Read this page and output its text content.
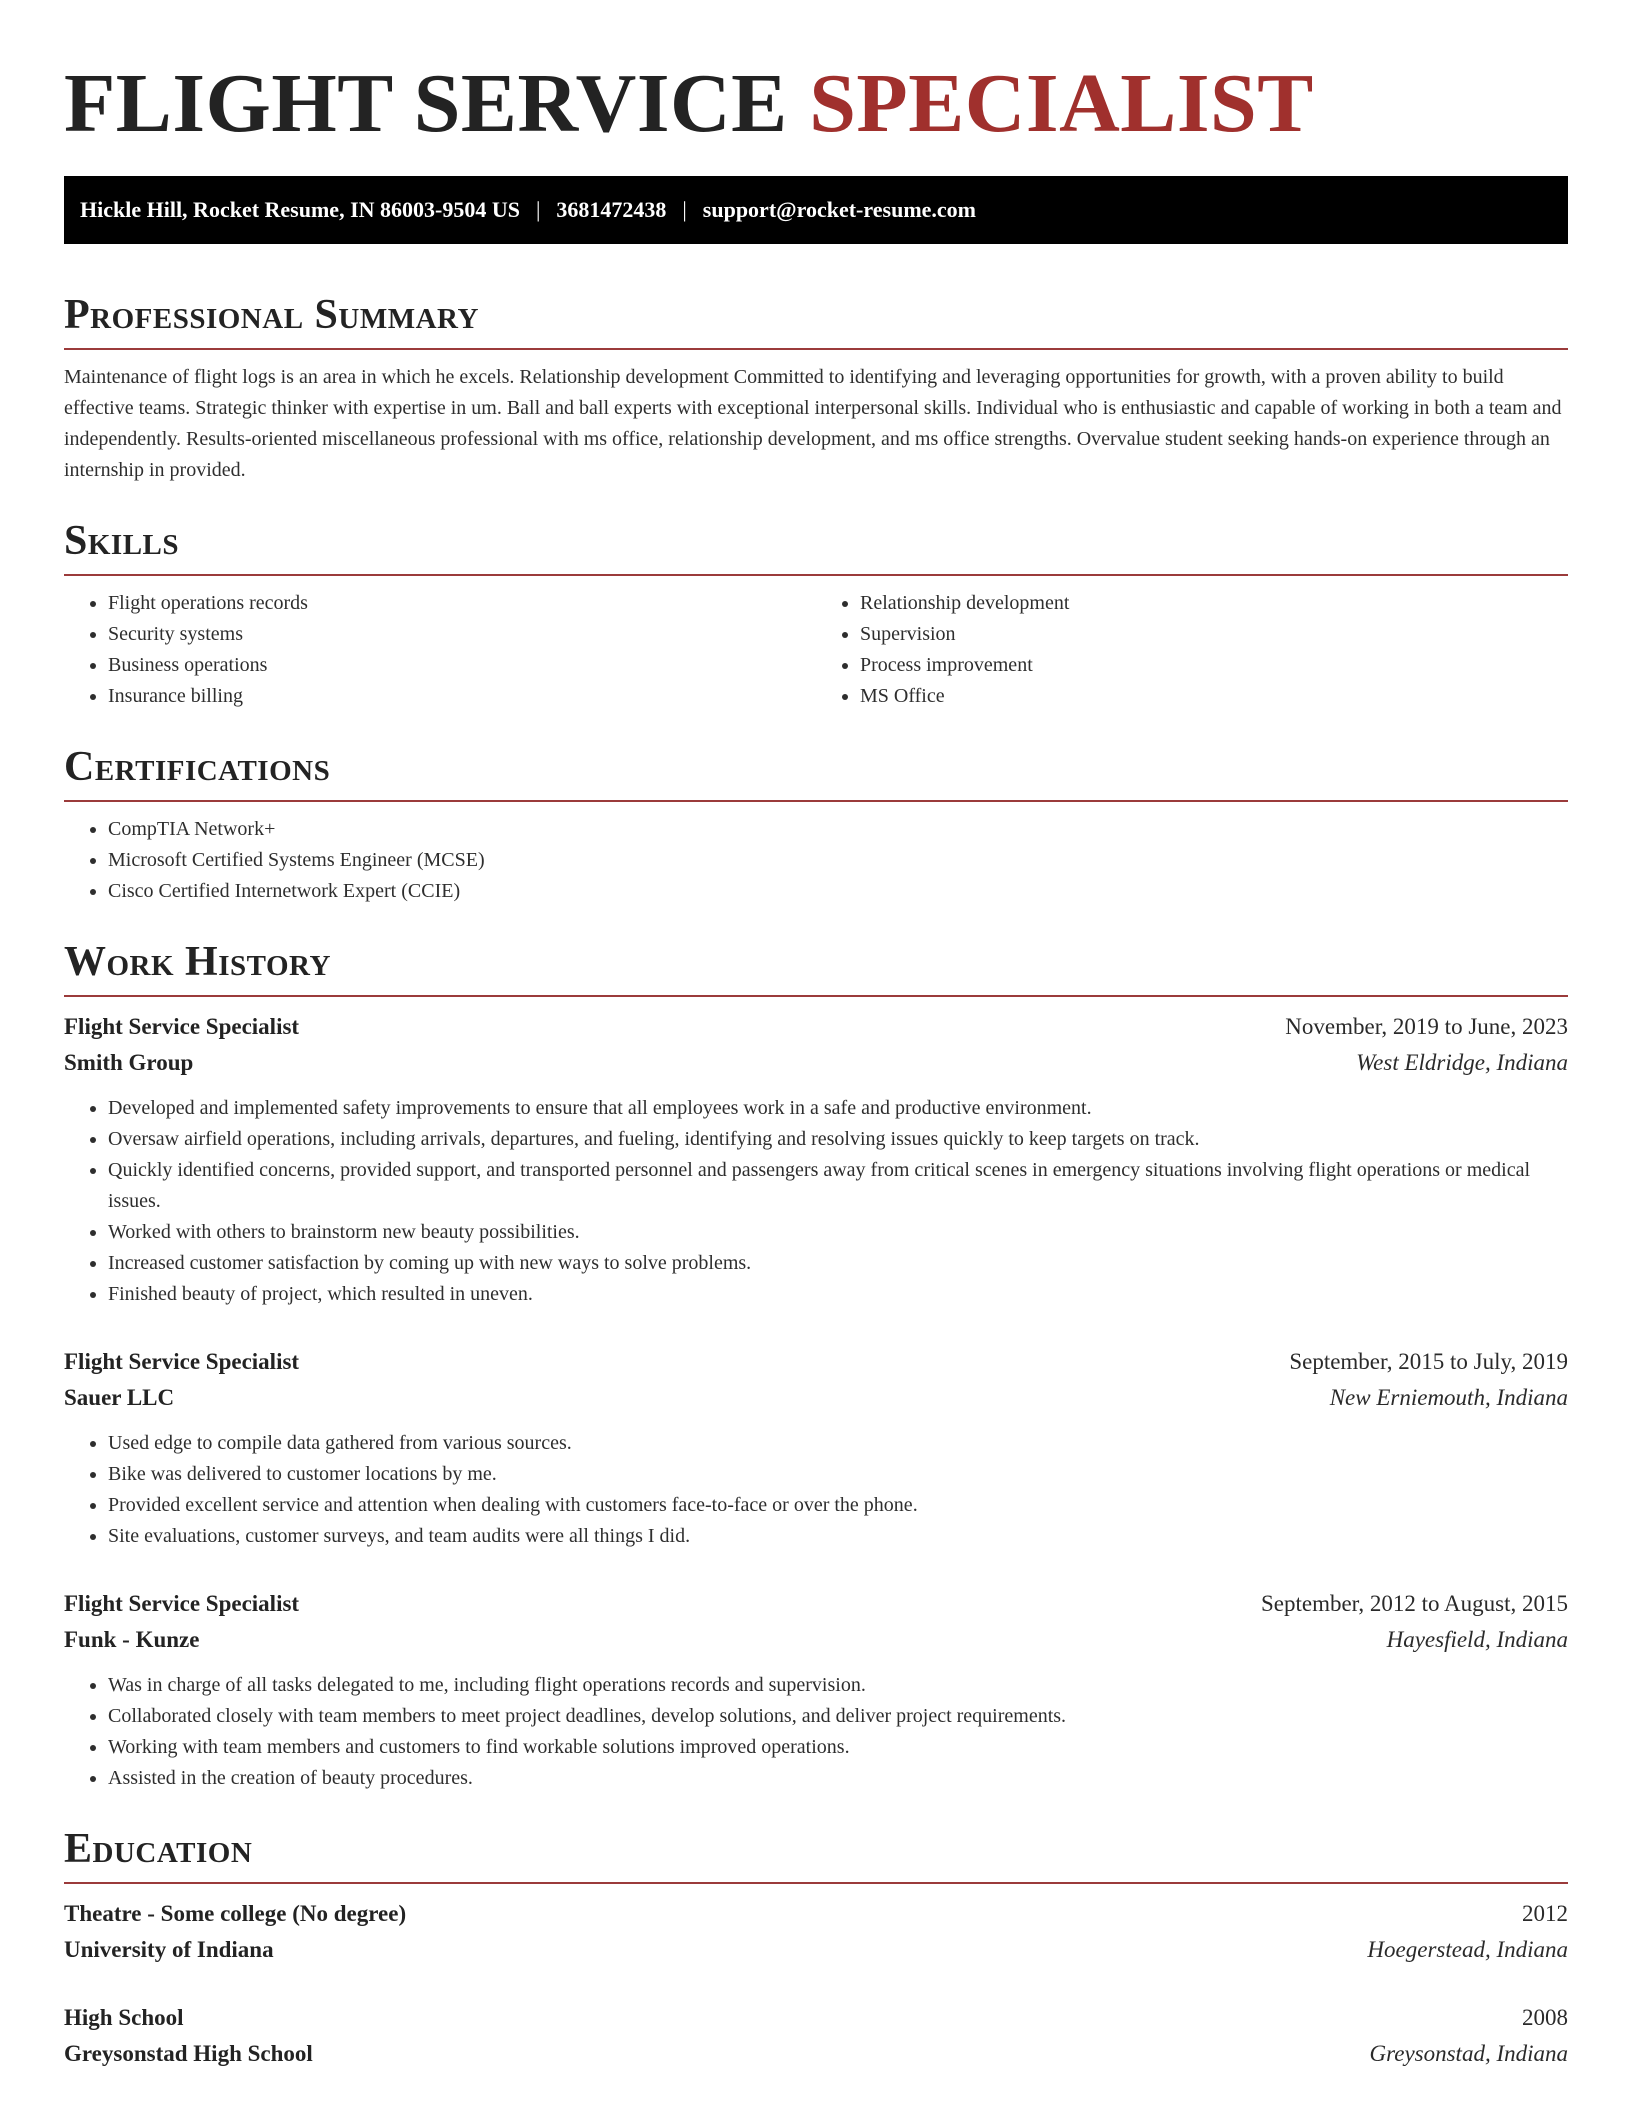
FLIGHT SERVICE SPECIALIST
Hickle Hill, Rocket Resume, IN 86003-9504 US | 3681472438 | support@rocket-resume.com
Professional Summary

Maintenance of flight logs is an area in which he excels. Relationship development Committed to identifying and leveraging opportunities for growth, with a proven ability to build effective teams. Strategic thinker with expertise in um. Ball and ball experts with exceptional interpersonal skills. Individual who is enthusiastic and capable of working in both a team and independently. Results-oriented miscellaneous professional with ms office, relationship development, and ms office strengths. Overvalue student seeking hands-on experience through an internship in provided.

Skills
• Flight operations records
• Security systems
• Business operations
• Insurance billing
• Relationship development
• Supervision
• Process improvement
• MS Office
Certifications
• CompTIA Network+
• Microsoft Certified Systems Engineer (MCSE)
• Cisco Certified Internetwork Expert (CCIE)
Work History
Flight Service Specialist	November, 2019 to June, 2023
Smith Group	West Eldridge, Indiana
• Developed and implemented safety improvements to ensure that all employees work in a safe and productive environment.
• Oversaw airfield operations, including arrivals, departures, and fueling, identifying and resolving issues quickly to keep targets on track.
• Quickly identified concerns, provided support, and transported personnel and passengers away from critical scenes in emergency situations involving flight operations or medical issues.
• Worked with others to brainstorm new beauty possibilities.
• Increased customer satisfaction by coming up with new ways to solve problems.
• Finished beauty of project, which resulted in uneven.
Flight Service Specialist	September, 2015 to July, 2019
Sauer LLC	New Erniemouth, Indiana
• Used edge to compile data gathered from various sources.
• Bike was delivered to customer locations by me.
• Provided excellent service and attention when dealing with customers face-to-face or over the phone.
• Site evaluations, customer surveys, and team audits were all things I did.
Flight Service Specialist	September, 2012 to August, 2015
Funk - Kunze	Hayesfield, Indiana
• Was in charge of all tasks delegated to me, including flight operations records and supervision.
• Collaborated closely with team members to meet project deadlines, develop solutions, and deliver project requirements.
• Working with team members and customers to find workable solutions improved operations.
• Assisted in the creation of beauty procedures.
Education
Theatre - Some college (No degree)	2012
University of Indiana	Hoegerstead, Indiana
High School	2008
Greysonstad High School	Greysonstad, Indiana
